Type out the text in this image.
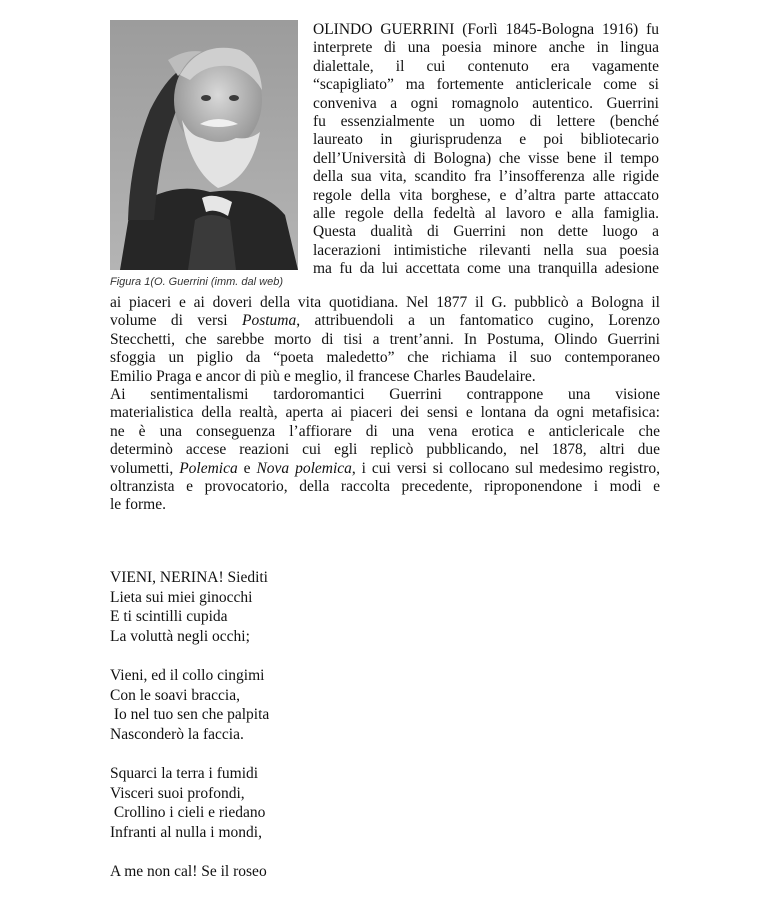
Figura 1(O. Guerrini (imm. dal web)
OLINDO GUERRINI (Forlì 1845-Bologna 1916) fu
interprete di una poesia minore anche in lingua
dialettale, il cui contenuto era vagamente
“scapigliato” ma fortemente anticlericale come si
conveniva a ogni romagnolo autentico. Guerrini
fu essenzialmente un uomo di lettere (benché
laureato in giurisprudenza e poi bibliotecario
dell’Università di Bologna) che visse bene il tempo
della sua vita, scandito fra l’insofferenza alle rigide
regole della vita borghese, e d’altra parte attaccato
alle regole della fedeltà al lavoro e alla famiglia.
Questa dualità di Guerrini non dette luogo a
lacerazioni intimistiche rilevanti nella sua poesia
ma fu da lui accettata come una tranquilla adesione
ai piaceri e ai doveri della vita quotidiana. Nel 1877 il G. pubblicò a Bologna il
volume di versi Postuma, attribuendoli a un fantomatico cugino, Lorenzo
Stecchetti, che sarebbe morto di tisi a trent’anni. In Postuma, Olindo Guerrini
sfoggia un piglio da “poeta maledetto” che richiama il suo contemporaneo
Emilio Praga e ancor di più e meglio, il francese Charles Baudelaire.
Ai sentimentalismi tardoromantici Guerrini contrappone una visione
materialistica della realtà, aperta ai piaceri dei sensi e lontana da ogni metafisica:
ne è una conseguenza l’affiorare di una vena erotica e anticlericale che
determinò accese reazioni cui egli replicò pubblicando, nel 1878, altri due
volumetti, Polemica e Nova polemica, i cui versi si collocano sul medesimo registro,
oltranzista e provocatorio, della raccolta precedente, riproponendone i modi e
le forme.
VIENI, NERINA! Siediti
Lieta sui miei ginocchi
E ti scintilli cupida
La voluttà negli occhi;
Vieni, ed il collo cingimi
Con le soavi braccia,
Io nel tuo sen che palpita
Nasconderò la faccia.
Squarci la terra i fumidi
Visceri suoi profondi,
Crollino i cieli e riedano
Infranti al nulla i mondi,
A me non cal! Se il roseo
